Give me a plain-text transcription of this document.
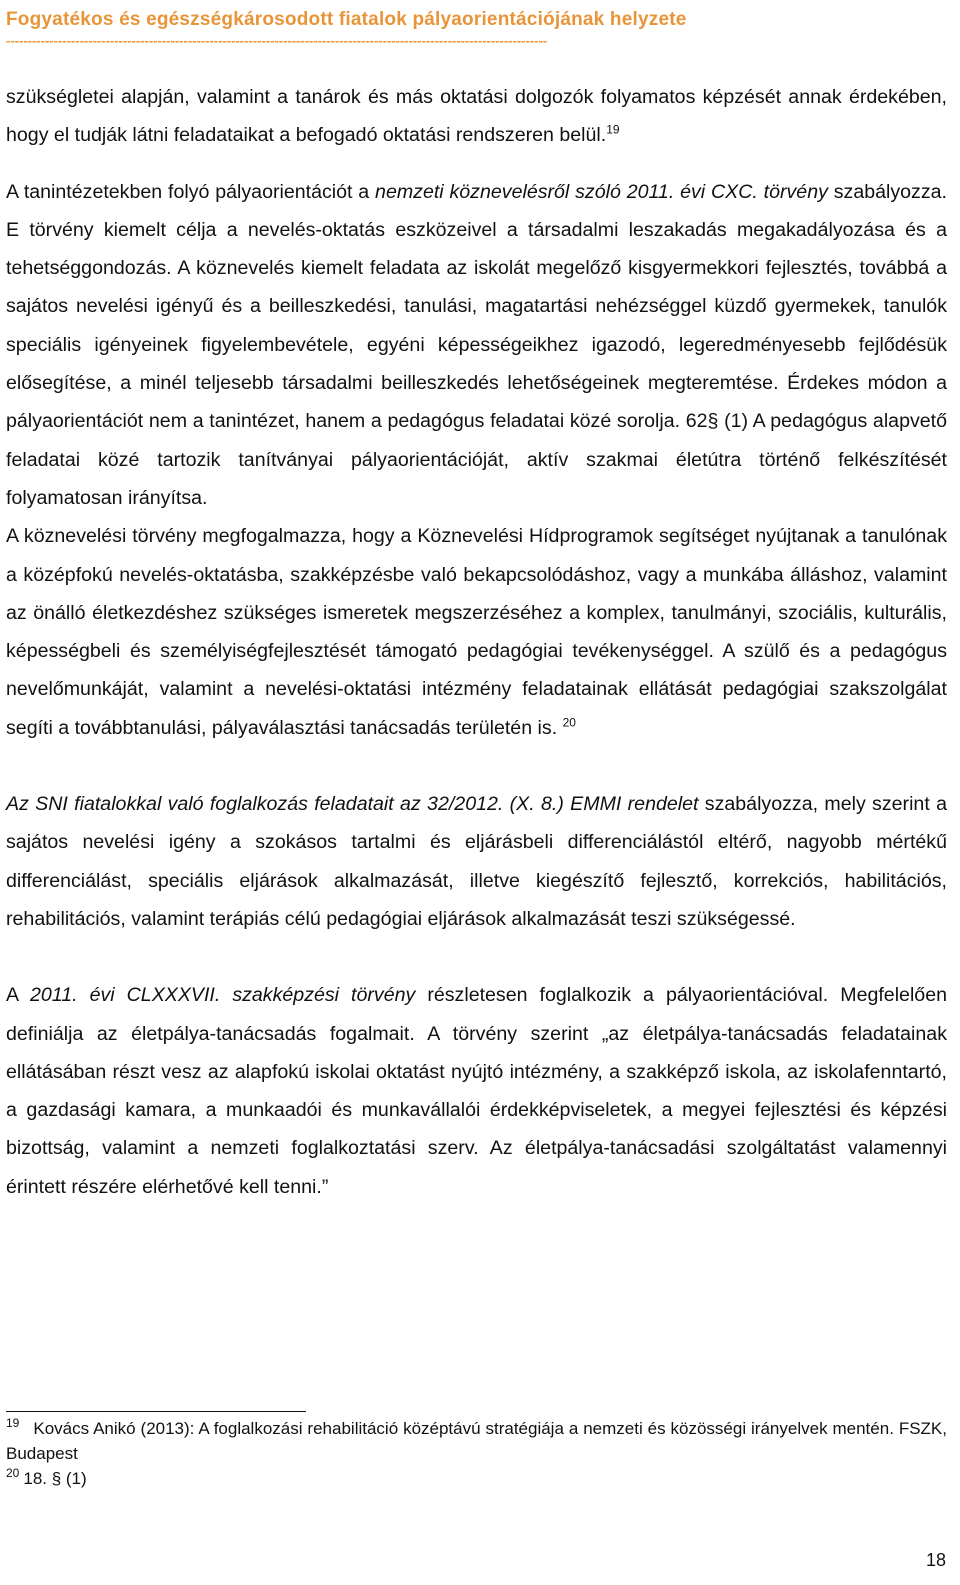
Fogyatékos és egészségkárosodott fiatalok pályaorientációjának helyzete
-----------------------------------------------------------------------------------------------------------------------------

szükségletei alapján, valamint a tanárok és más oktatási dolgozók folyamatos képzését annak érdekében, hogy el tudják látni feladataikat a befogadó oktatási rendszeren belül.$^{19}$

A tanintézetekben folyó pályaorientációt a nemzeti köznevelésről szóló 2011. évi CXC. törvény szabályozza. E törvény kiemelt célja a nevelés-oktatás eszközeivel a társadalmi leszakadás megakadályozása és a tehetséggondozás. A köznevelés kiemelt feladata az iskolát megelőző kisgyermekkori fejlesztés, továbbá a sajátos nevelési igényű és a beilleszkedési, tanulási, magatartási nehézséggel küzdő gyermekek, tanulók speciális igényeinek figyelembevétele, egyéni képességeikhez igazodó, legeredményesebb fejlődésük elősegítése, a minél teljesebb társadalmi beilleszkedés lehetőségeinek megteremtése. Érdekes módon a pályaorientációt nem a tanintézet, hanem a pedagógus feladatai közé sorolja. 62§ (1) A pedagógus alapvető feladatai közé tartozik tanítványai pályaorientációját, aktív szakmai életútra történő felkészítését folyamatosan irányítsa.

A köznevelési törvény megfogalmazza, hogy a Köznevelési Hídprogramok segítséget nyújtanak a tanulónak a középfokú nevelés-oktatásba, szakképzésbe való bekapcsolódáshoz, vagy a munkába álláshoz, valamint az önálló életkezdéshez szükséges ismeretek megszerzéséhez a komplex, tanulmányi, szociális, kulturális, képességbeli és személyiségfejlesztését támogató pedagógiai tevékenységgel. A szülő és a pedagógus nevelőmunkáját, valamint a nevelési-oktatási intézmény feladatainak ellátását pedagógiai szakszolgálat segíti a továbbtanulási, pályaválasztási tanácsadás területén is. $^{20}$

Az SNI fiatalokkal való foglalkozás feladatait az 32/2012. (X. 8.) EMMI rendelet szabályozza, mely szerint a sajátos nevelési igény a szokásos tartalmi és eljárásbeli differenciálástól eltérő, nagyobb mértékű differenciálást, speciális eljárások alkalmazását, illetve kiegészítő fejlesztő, korrekciós, habilitációs, rehabilitációs, valamint terápiás célú pedagógiai eljárások alkalmazását teszi szükségessé.

A 2011. évi CLXXXVII. szakképzési törvény részletesen foglalkozik a pályaorientációval. Megfelelően definiálja az életpálya-tanácsadás fogalmait. A törvény szerint „az életpálya-tanácsadás feladatainak ellátásában részt vesz az alapfokú iskolai oktatást nyújtó intézmény, a szakképző iskola, az iskolafenntartó, a gazdasági kamara, a munkaadói és munkavállalói érdekképviseletek, a megyei fejlesztési és képzési bizottság, valamint a nemzeti foglalkoztatási szerv. Az életpálya-tanácsadási szolgáltatást valamennyi érintett részére elérhetővé kell tenni.”

$^{19}$ Kovács Anikó (2013): A foglalkozási rehabilitáció középtávú stratégiája a nemzeti és közösségi irányelvek mentén. FSZK, Budapest

$^{20}$ 18. § (1)

18
